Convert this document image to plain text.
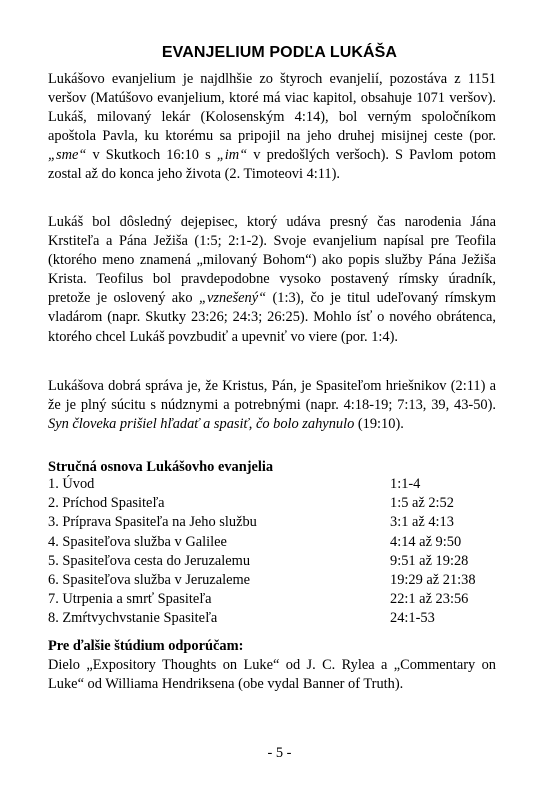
EVANJELIUM PODĽA LUKÁŠA
Lukášovo evanjelium je najdlhšie zo štyroch evanjelií, pozostáva z 1151 veršov (Matúšovo evanjelium, ktoré má viac kapitol, obsahuje 1071 veršov). Lukáš, milovaný lekár (Kolosenským 4:14), bol verným spoločníkom apoštola Pavla, ku ktorému sa pripojil na jeho druhej misijnej ceste (por. „sme“ v Skutkoch 16:10 s „im“ v predošlých veršoch). S Pavlom potom zostal až do konca jeho života (2. Timoteovi 4:11).
Lukáš bol dôsledný dejepisec, ktorý udáva presný čas narodenia Jána Krstiteľa a Pána Ježiša (1:5; 2:1-2). Svoje evanjelium napísal pre Teofila (ktorého meno znamená „milovaný Bohom“) ako popis služby Pána Ježiša Krista. Teofilus bol pravdepodobne vysoko postavený rímsky úradník, pretože je oslovený ako „vznešený“ (1:3), čo je titul udeľovaný rímskym vladárom (napr. Skutky 23:26; 24:3; 26:25). Mohlo ísť o nového obrátenca, ktorého chcel Lukáš povzbudiť a upevniť vo viere (por. 1:4).
Lukášova dobrá správa je, že Kristus, Pán, je Spasiteľom hriešnikov (2:11) a že je plný súcitu s núdznymi a potrebnými (napr. 4:18-19; 7:13, 39, 43-50). Syn človeka prišiel hľadať a spasiť, čo bolo zahynulo (19:10).
Stručná osnova Lukášovho evanjelia
1. Úvod	1:1-4
2. Príchod Spasiteľa	1:5 až 2:52
3. Príprava Spasiteľa na Jeho službu	3:1 až 4:13
4. Spasiteľova služba v Galilee	4:14 až 9:50
5. Spasiteľova cesta do Jeruzalemu	9:51 až 19:28
6. Spasiteľova služba v Jeruzaleme	19:29 až 21:38
7. Utrpenia a smrť Spasiteľa	22:1 až 23:56
8. Zmŕtvychvstanie Spasiteľa	24:1-53
Pre ďalšie štúdium odporúčam:
Dielo „Expository Thoughts on Luke“ od J. C. Rylea a „Commentary on Luke“ od Williama Hendriksena (obe vydal Banner of Truth).
- 5 -
